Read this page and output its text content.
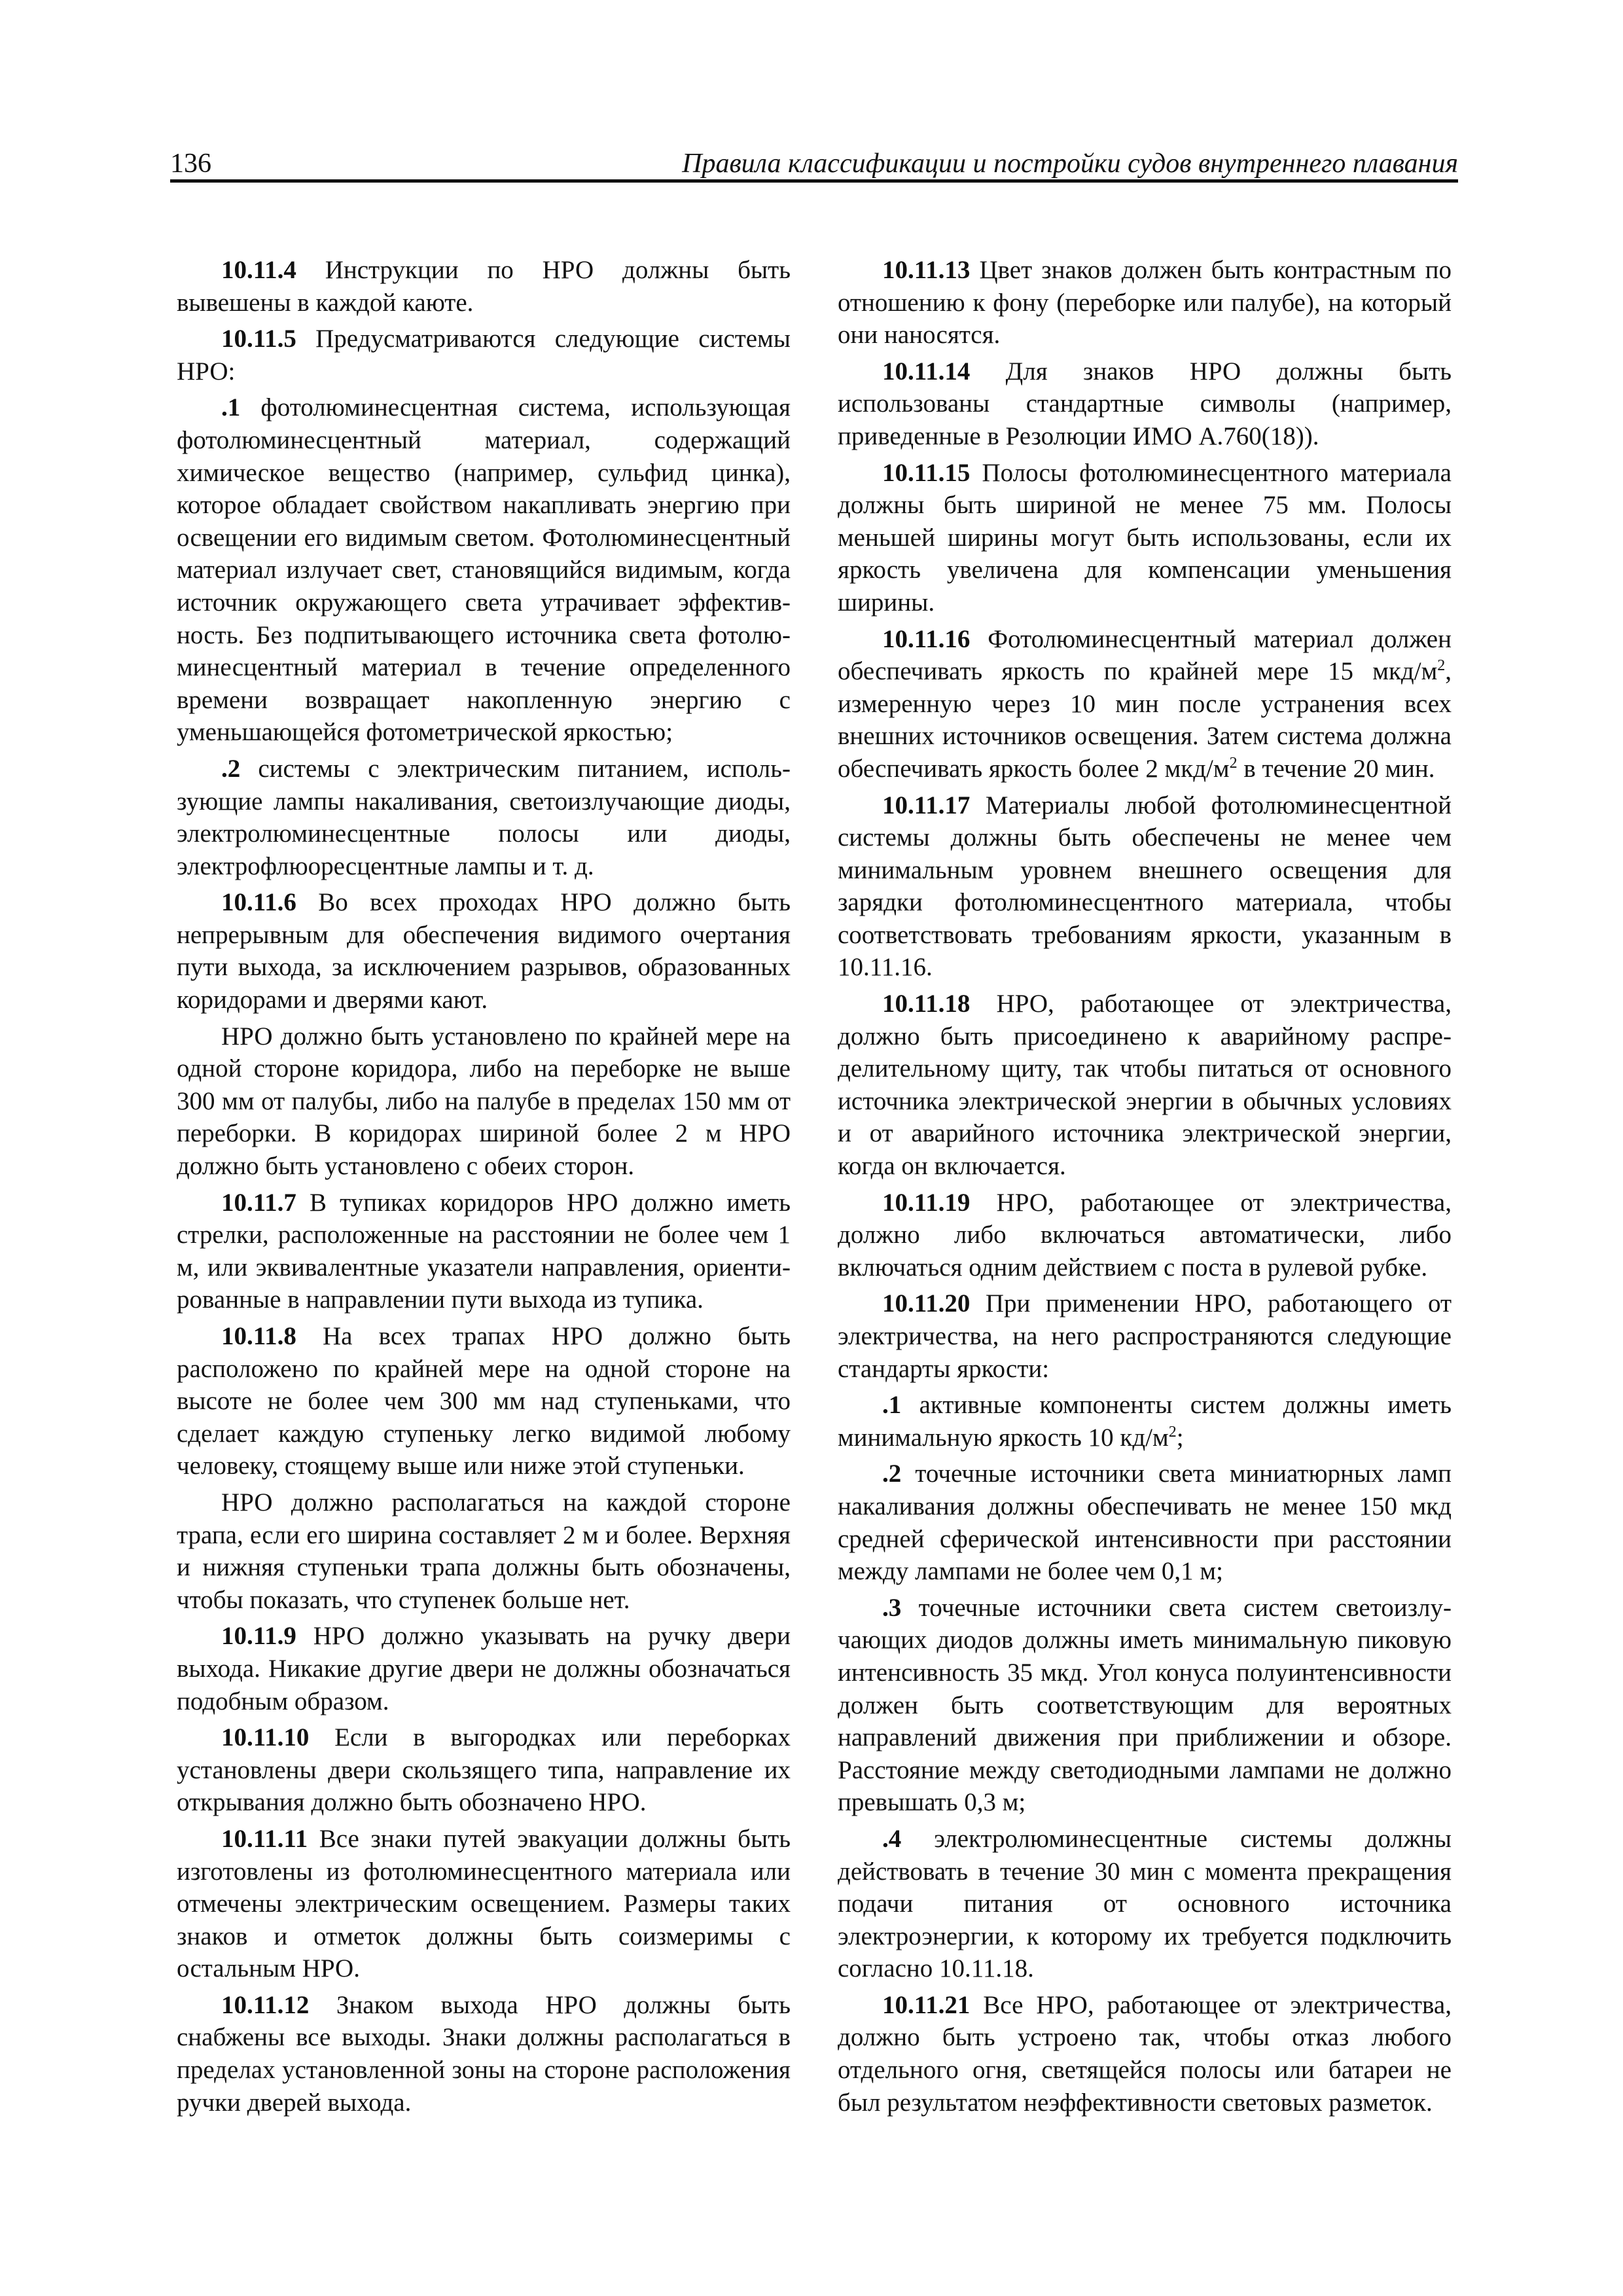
136	Правила классификации и постройки судов внутреннего плавания

10.11.4 Инструкции по НРО должны быть вывешены в каждой каюте.

10.11.5 Предусматриваются следующие системы НРО:

.1 фотолюминесцентная система, использующая фотолюминесцентный материал, содержащий химическое вещество (например, сульфид цинка), которое обладает свойством накапливать энергию при освещении его видимым светом. Фотолюминесцентный материал излучает свет, становящийся видимым, когда источник окружающего света утрачивает эффективность. Без подпитывающего источника света фотолюминесцентный материал в течение определенного времени возвращает накопленную энергию с уменьшающейся фотометрической яркостью;

.2 системы с электрическим питанием, использующие лампы накаливания, светоизлучающие диоды, электролюминесцентные полосы или диоды, электрофлюоресцентные лампы и т. д.

10.11.6 Во всех проходах НРО должно быть непрерывным для обеспечения видимого очертания пути выхода, за исключением разрывов, образованных коридорами и дверями кают.

НРО должно быть установлено по крайней мере на одной стороне коридора, либо на переборке не выше 300 мм от палубы, либо на палубе в пределах 150 мм от переборки. В коридорах шириной более 2 м НРО должно быть установлено с обеих сторон.

10.11.7 В тупиках коридоров НРО должно иметь стрелки, расположенные на расстоянии не более чем 1 м, или эквивалентные указатели направления, ориентированные в направлении пути выхода из тупика.

10.11.8 На всех трапах НРО должно быть расположено по крайней мере на одной стороне на высоте не более чем 300 мм над ступеньками, что сделает каждую ступеньку легко видимой любому человеку, стоящему выше или ниже этой ступеньки.

НРО должно располагаться на каждой стороне трапа, если его ширина составляет 2 м и более. Верхняя и нижняя ступеньки трапа должны быть обозначены, чтобы показать, что ступенек больше нет.

10.11.9 НРО должно указывать на ручку двери выхода. Никакие другие двери не должны обозначаться подобным образом.

10.11.10 Если в выгородках или переборках установлены двери скользящего типа, направление их открывания должно быть обозначено НРО.

10.11.11 Все знаки путей эвакуации должны быть изготовлены из фотолюминесцентного материала или отмечены электрическим освещением. Размеры таких знаков и отметок должны быть соизмеримы с остальным НРО.

10.11.12 Знаком выхода НРО должны быть снабжены все выходы. Знаки должны располагаться в пределах установленной зоны на стороне расположения ручки дверей выхода.

10.11.13 Цвет знаков должен быть контрастным по отношению к фону (переборке или палубе), на который они наносятся.

10.11.14 Для знаков НРО должны быть использованы стандартные символы (например, приведенные в Резолюции ИМО А.760(18)).

10.11.15 Полосы фотолюминесцентного материала должны быть шириной не менее 75 мм. Полосы меньшей ширины могут быть использованы, если их яркость увеличена для компенсации уменьшения ширины.

10.11.16 Фотолюминесцентный материал должен обеспечивать яркость по крайней мере 15 мкд/$м^2$, измеренную через 10 мин после устранения всех внешних источников освещения. Затем система должна обеспечивать яркость более 2 мкд/$м^2$ в течение 20 мин.

10.11.17 Материалы любой фотолюминесцентной системы должны быть обеспечены не менее чем минимальным уровнем внешнего освещения для зарядки фотолюминесцентного материала, чтобы соответствовать требованиям яркости, указанным в 10.11.16.

10.11.18 НРО, работающее от электричества, должно быть присоединено к аварийному распределительному щиту, так чтобы питаться от основного источника электрической энергии в обычных условиях и от аварийного источника электрической энергии, когда он включается.

10.11.19 НРО, работающее от электричества, должно либо включаться автоматически, либо включаться одним действием с поста в рулевой рубке.

10.11.20 При применении НРО, работающего от электричества, на него распространяются следующие стандарты яркости:

.1 активные компоненты систем должны иметь минимальную яркость 10 $кд/м^2$;

.2 точечные источники света миниатюрных ламп накаливания должны обеспечивать не менее 150 мкд средней сферической интенсивности при расстоянии между лампами не более чем 0,1 м;

.3 точечные источники света систем светоизлучающих диодов должны иметь минимальную пиковую интенсивность 35 мкд. Угол конуса полуинтенсивности должен быть соответствующим для вероятных направлений движения при приближении и обзоре. Расстояние между светодиодными лампами не должно превышать 0,3 м;

.4 электролюминесцентные системы должны действовать в течение 30 мин с момента прекращения подачи питания от основного источника электроэнергии, к которому их требуется подключить согласно 10.11.18.

10.11.21 Все НРО, работающее от электричества, должно быть устроено так, чтобы отказ любого отдельного огня, светящейся полосы или батареи не был результатом неэффективности световых разметок.
